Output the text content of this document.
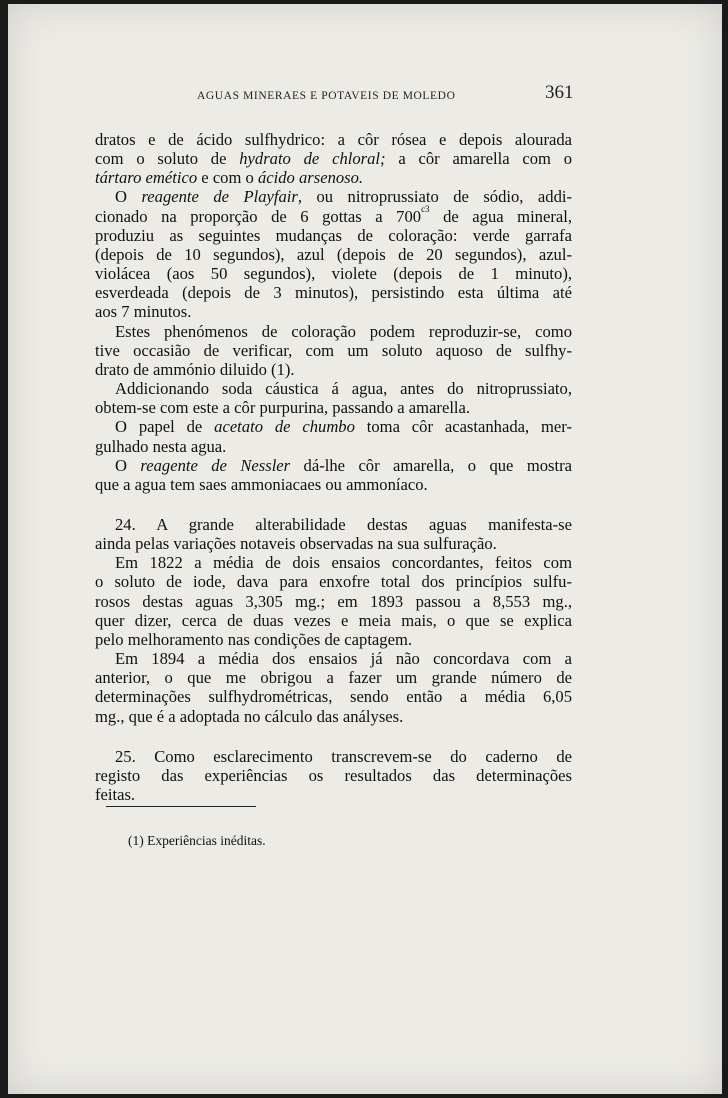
AGUAS MINERAES E POTAVEIS DE MOLEDO	361

dratos e de ácido sulfhydrico: a côr rósea e depois alourada
com o soluto de hydrato de chloral; a côr amarella com o
tártaro emético e com o ácido arsenoso.

O reagente de Playfair, ou nitroprussiato de sódio, addi-
cionado na proporção de 6 gottas a $700^{c3}$ de agua mineral,
produziu as seguintes mudanças de coloração: verde garrafa
(depois de 10 segundos), azul (depois de 20 segundos), azul-
violácea (aos 50 segundos), violete (depois de 1 minuto),
esverdeada (depois de 3 minutos), persistindo esta última até
aos 7 minutos.

Estes phenómenos de coloração podem reproduzir-se, como
tive occasião de verificar, com um soluto aquoso de sulfhy-
drato de ammónio diluido (1).

Addicionando soda cáustica á agua, antes do nitroprussiato,
obtem-se com este a côr purpurina, passando a amarella.

O papel de acetato de chumbo toma côr acastanhada, mer-
gulhado nesta agua.

O reagente de Nessler dá-lhe côr amarella, o que mostra
que a agua tem saes ammoniacaes ou ammoníaco.

24. A grande alterabilidade destas aguas manifesta-se
ainda pelas variações notaveis observadas na sua sulfuração.

Em 1822 a média de dois ensaios concordantes, feitos com
o soluto de iode, dava para enxofre total dos princípios sulfu-
rosos destas aguas 3,305 mg.; em 1893 passou a 8,553 mg.,
quer dizer, cerca de duas vezes e meia mais, o que se explica
pelo melhoramento nas condições de captagem.

Em 1894 a média dos ensaios já não concordava com a
anterior, o que me obrigou a fazer um grande número de
determinações sulfhydrométricas, sendo então a média 6,05
mg., que é a adoptada no cálculo das anályses.

25. Como esclarecimento transcrevem-se do caderno de
registo das experiências os resultados das determinações
feitas.

(1) Experiências inéditas.
